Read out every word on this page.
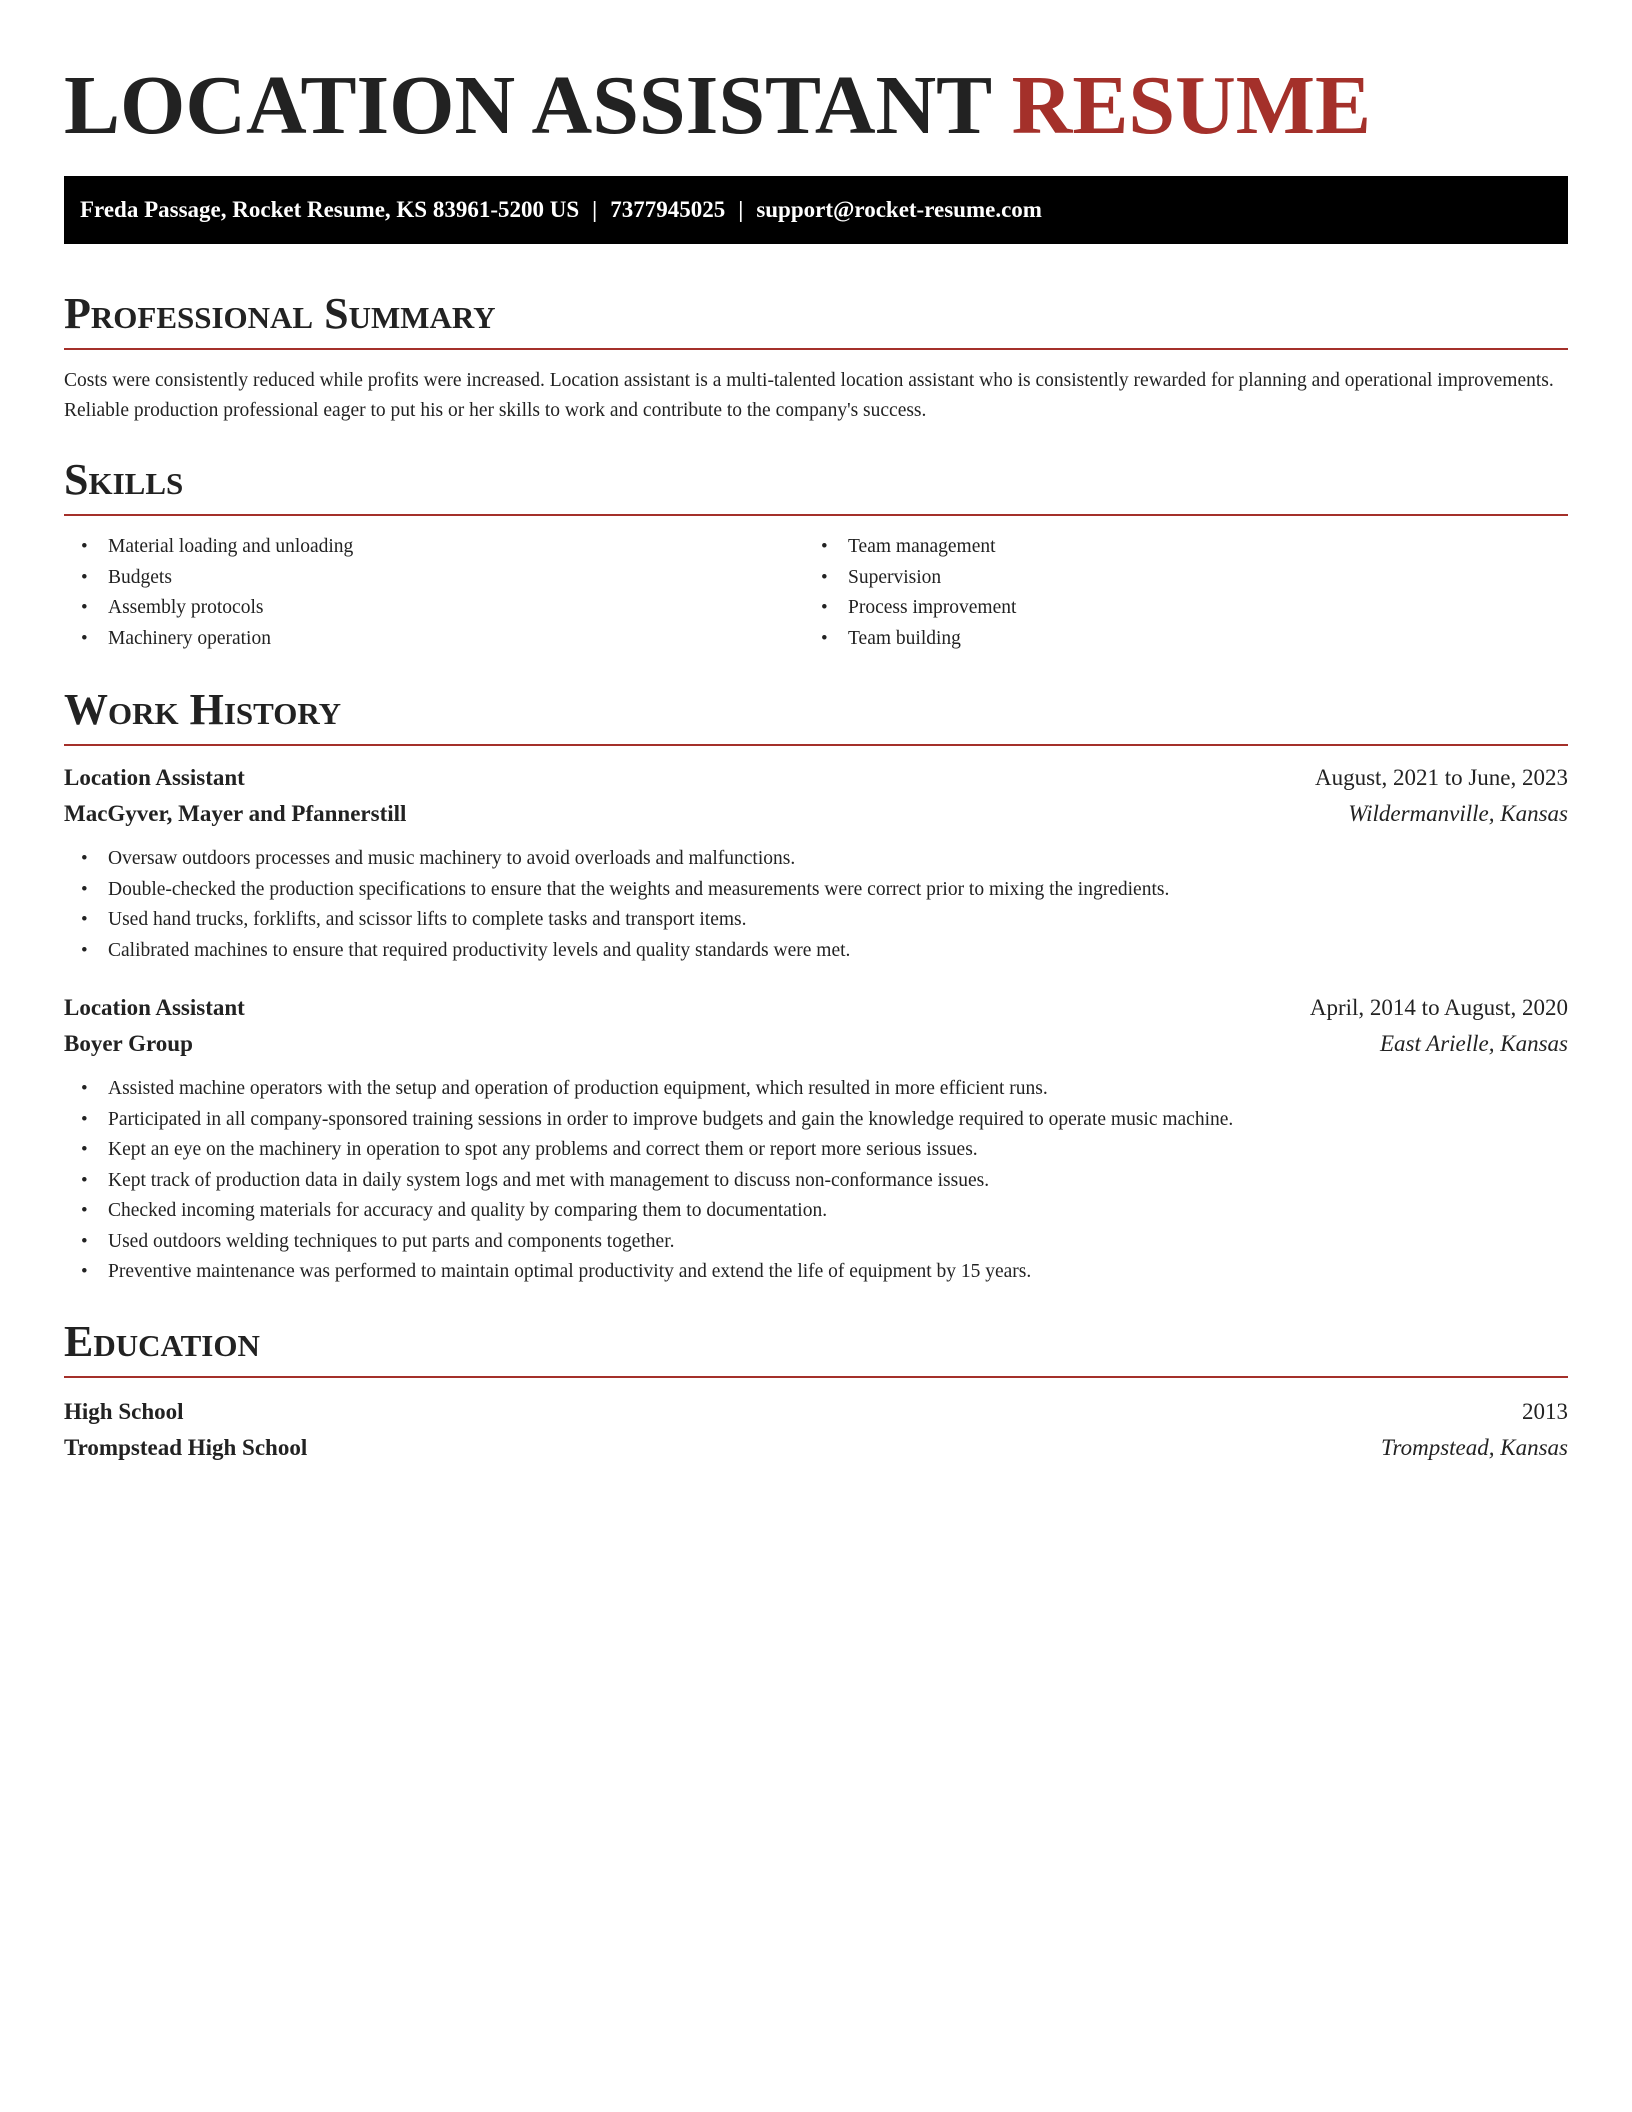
LOCATION ASSISTANT RESUME
Freda Passage, Rocket Resume, KS 83961-5200 US | 7377945025 | support@rocket-resume.com
Professional Summary

Costs were consistently reduced while profits were increased. Location assistant is a multi-talented location assistant who is consistently rewarded for planning and operational improvements. Reliable production professional eager to put his or her skills to work and contribute to the company's success.

Skills
• Material loading and unloading
• Budgets
• Assembly protocols
• Machinery operation
• Team management
• Supervision
• Process improvement
• Team building
Work History
Location Assistant	August, 2021 to June, 2023
MacGyver, Mayer and Pfannerstill	Wildermanville, Kansas
• Oversaw outdoors processes and music machinery to avoid overloads and malfunctions.
• Double-checked the production specifications to ensure that the weights and measurements were correct prior to mixing the ingredients.
• Used hand trucks, forklifts, and scissor lifts to complete tasks and transport items.
• Calibrated machines to ensure that required productivity levels and quality standards were met.
Location Assistant	April, 2014 to August, 2020
Boyer Group	East Arielle, Kansas
• Assisted machine operators with the setup and operation of production equipment, which resulted in more efficient runs.
• Participated in all company-sponsored training sessions in order to improve budgets and gain the knowledge required to operate music machine.
• Kept an eye on the machinery in operation to spot any problems and correct them or report more serious issues.
• Kept track of production data in daily system logs and met with management to discuss non-conformance issues.
• Checked incoming materials for accuracy and quality by comparing them to documentation.
• Used outdoors welding techniques to put parts and components together.
• Preventive maintenance was performed to maintain optimal productivity and extend the life of equipment by 15 years.
Education
High School	2013
Trompstead High School	Trompstead, Kansas
